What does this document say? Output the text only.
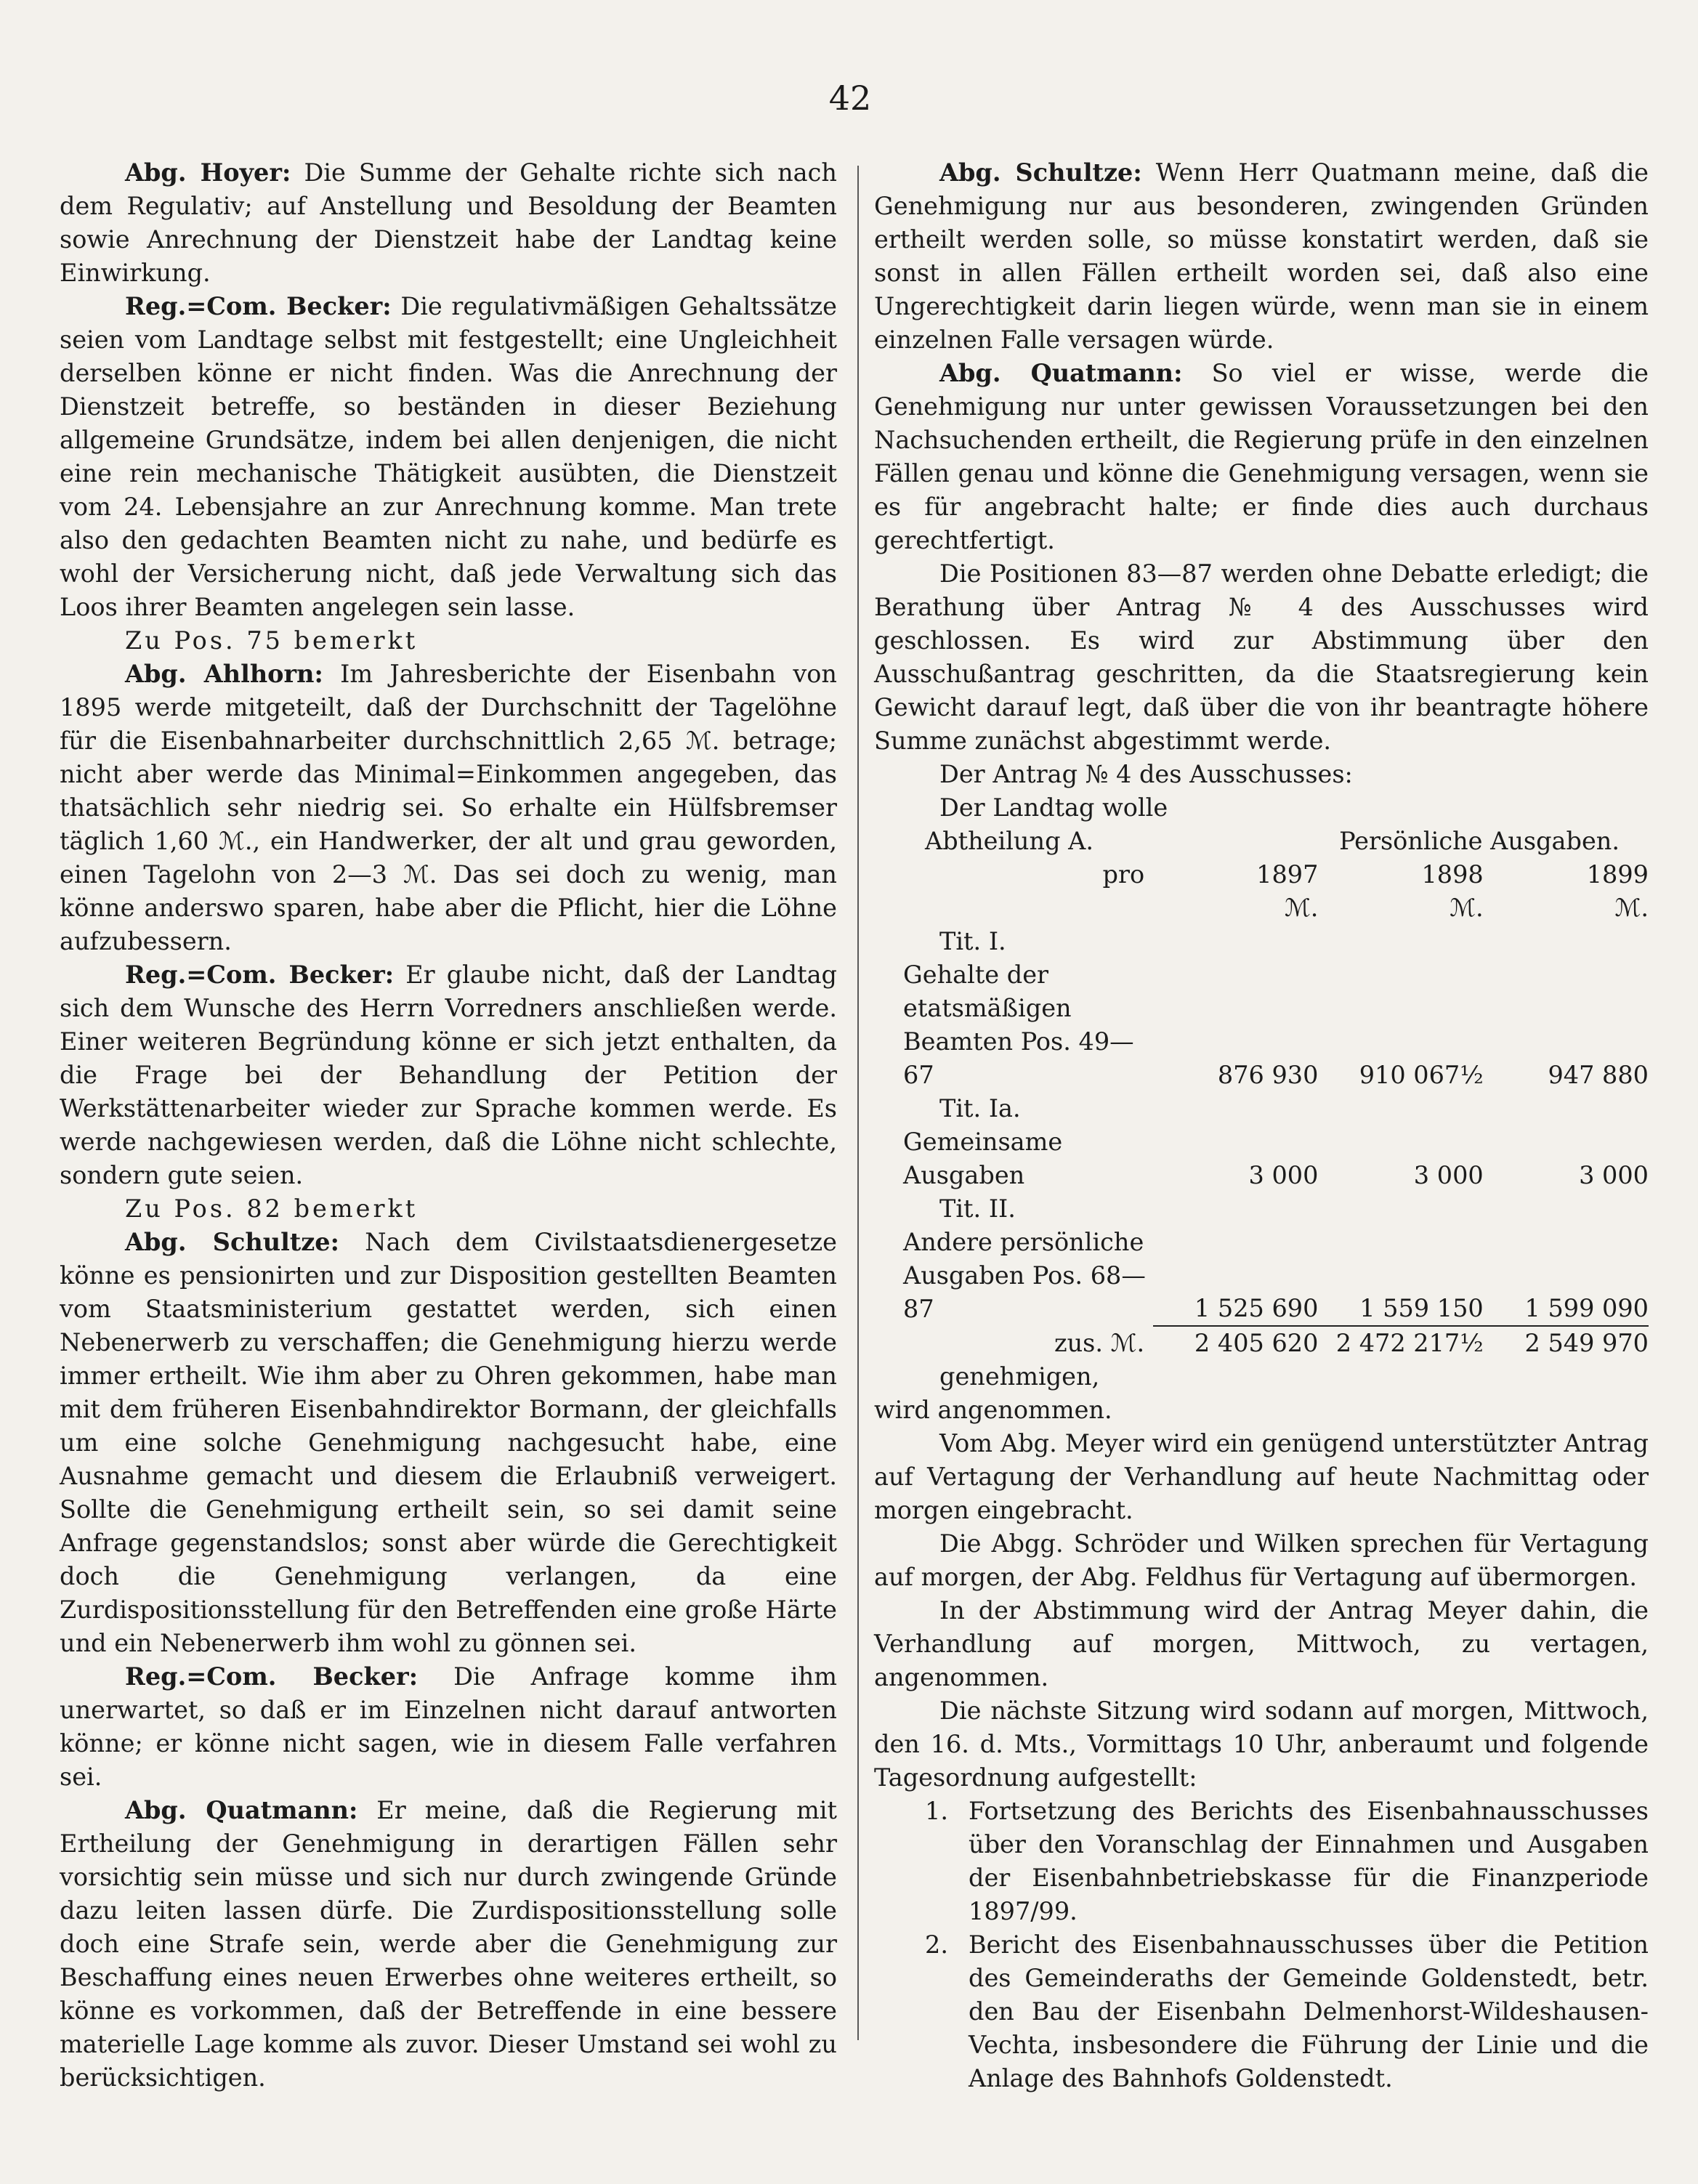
42

Abg. Hoyer: Die Summe der Gehalte richte sich nach dem Regulativ; auf Anstellung und Besoldung der Beamten sowie Anrechnung der Dienstzeit habe der Landtag keine Einwirkung.

Reg.=Com. Becker: Die regulativmäßigen Gehaltssätze seien vom Landtage selbst mit festgestellt; eine Ungleichheit derselben könne er nicht finden. Was die Anrechnung der Dienstzeit betreffe, so beständen in dieser Beziehung allgemeine Grundsätze, indem bei allen denjenigen, die nicht eine rein mechanische Thätigkeit ausübten, die Dienstzeit vom 24. Lebensjahre an zur Anrechnung komme. Man trete also den gedachten Beamten nicht zu nahe, und bedürfe es wohl der Versicherung nicht, daß jede Verwaltung sich das Loos ihrer Beamten angelegen sein lasse.

Zu Pos. 75 bemerkt

Abg. Ahlhorn: Im Jahresberichte der Eisenbahn von 1895 werde mitgeteilt, daß der Durchschnitt der Tagelöhne für die Eisenbahnarbeiter durchschnittlich 2,65 ℳ. betrage; nicht aber werde das Minimal=Einkommen angegeben, das thatsächlich sehr niedrig sei. So erhalte ein Hülfsbremser täglich 1,60 ℳ., ein Handwerker, der alt und grau geworden, einen Tagelohn von 2—3 ℳ. Das sei doch zu wenig, man könne anderswo sparen, habe aber die Pflicht, hier die Löhne aufzubessern.

Reg.=Com. Becker: Er glaube nicht, daß der Landtag sich dem Wunsche des Herrn Vorredners anschließen werde. Einer weiteren Begründung könne er sich jetzt enthalten, da die Frage bei der Behandlung der Petition der Werkstättenarbeiter wieder zur Sprache kommen werde. Es werde nachgewiesen werden, daß die Löhne nicht schlechte, sondern gute seien.

Zu Pos. 82 bemerkt

Abg. Schultze: Nach dem Civilstaatsdienergesetze könne es pensionirten und zur Disposition gestellten Beamten vom Staatsministerium gestattet werden, sich einen Nebenerwerb zu verschaffen; die Genehmigung hierzu werde immer ertheilt. Wie ihm aber zu Ohren gekommen, habe man mit dem früheren Eisenbahndirektor Bormann, der gleichfalls um eine solche Genehmigung nachgesucht habe, eine Ausnahme gemacht und diesem die Erlaubniß verweigert. Sollte die Genehmigung ertheilt sein, so sei damit seine Anfrage gegenstandslos; sonst aber würde die Gerechtigkeit doch die Genehmigung verlangen, da eine Zurdispositionsstellung für den Betreffenden eine große Härte und ein Nebenerwerb ihm wohl zu gönnen sei.

Reg.=Com. Becker: Die Anfrage komme ihm unerwartet, so daß er im Einzelnen nicht darauf antworten könne; er könne nicht sagen, wie in diesem Falle verfahren sei.

Abg. Quatmann: Er meine, daß die Regierung mit Ertheilung der Genehmigung in derartigen Fällen sehr vorsichtig sein müsse und sich nur durch zwingende Gründe dazu leiten lassen dürfe. Die Zurdispositionsstellung solle doch eine Strafe sein, werde aber die Genehmigung zur Beschaffung eines neuen Erwerbes ohne weiteres ertheilt, so könne es vorkommen, daß der Betreffende in eine bessere materielle Lage komme als zuvor. Dieser Umstand sei wohl zu berücksichtigen.

Abg. Schultze: Wenn Herr Quatmann meine, daß die Genehmigung nur aus besonderen, zwingenden Gründen ertheilt werden solle, so müsse konstatirt werden, daß sie sonst in allen Fällen ertheilt worden sei, daß also eine Ungerechtigkeit darin liegen würde, wenn man sie in einem einzelnen Falle versagen würde.

Abg. Quatmann: So viel er wisse, werde die Genehmigung nur unter gewissen Voraussetzungen bei den Nachsuchenden ertheilt, die Regierung prüfe in den einzelnen Fällen genau und könne die Genehmigung versagen, wenn sie es für angebracht halte; er finde dies auch durchaus gerechtfertigt.

Die Positionen 83—87 werden ohne Debatte erledigt; die Berathung über Antrag № 4 des Ausschusses wird geschlossen. Es wird zur Abstimmung über den Ausschußantrag geschritten, da die Staatsregierung kein Gewicht darauf legt, daß über die von ihr beantragte höhere Summe zunächst abgestimmt werde.

Der Antrag № 4 des Ausschusses:

Der Landtag wolle

Abtheilung A.	Persönliche Ausgaben.		
pro	1897	1898	1899
	ℳ.	ℳ.	ℳ.
Tit. I.			
Gehalte der etatsmäßigen Beamten Pos. 49—67	876 930	910 067½	947 880
Tit. Ia.			
Gemeinsame Ausgaben	3 000	3 000	3 000
Tit. II.			
Andere persönliche Ausgaben Pos. 68—87	1 525 690	1 559 150	1 599 090
zus. ℳ.	2 405 620	2 472 217½	2 549 970

genehmigen,

wird angenommen.

Vom Abg. Meyer wird ein genügend unterstützter Antrag auf Vertagung der Verhandlung auf heute Nachmittag oder morgen eingebracht.

Die Abgg. Schröder und Wilken sprechen für Vertagung auf morgen, der Abg. Feldhus für Vertagung auf übermorgen.

In der Abstimmung wird der Antrag Meyer dahin, die Verhandlung auf morgen, Mittwoch, zu vertagen, angenommen.

Die nächste Sitzung wird sodann auf morgen, Mittwoch, den 16. d. Mts., Vormittags 10 Uhr, anberaumt und folgende Tagesordnung aufgestellt:

1. Fortsetzung des Berichts des Eisenbahnausschusses über den Voranschlag der Einnahmen und Ausgaben der Eisenbahnbetriebskasse für die Finanzperiode 1897/99.
2. Bericht des Eisenbahnausschusses über die Petition des Gemeinderaths der Gemeinde Goldenstedt, betr. den Bau der Eisenbahn Delmenhorst-Wildeshausen-Vechta, insbesondere die Führung der Linie und die Anlage des Bahnhofs Goldenstedt.
